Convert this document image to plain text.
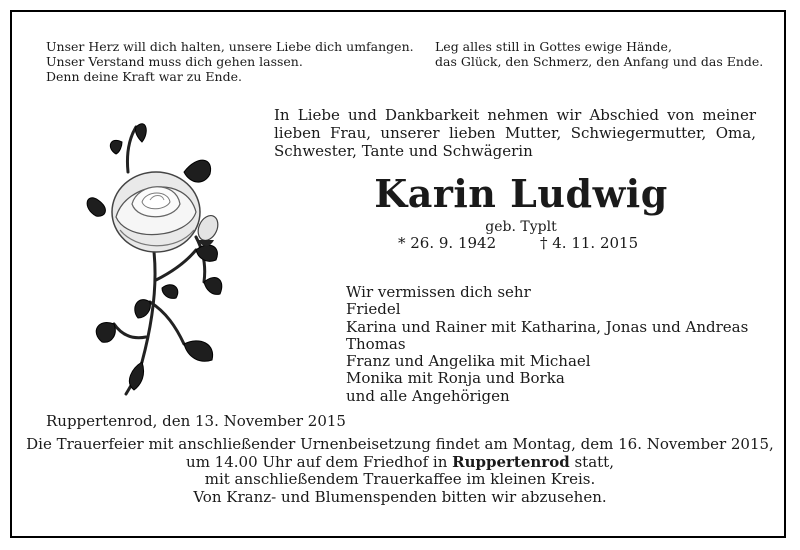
Unser Herz will dich halten, unsere Liebe dich umfangen.
Unser Verstand muss dich gehen lassen.
Denn deine Kraft war zu Ende.
Leg alles still in Gottes ewige Hände,
das Glück, den Schmerz, den Anfang und das Ende.
In Liebe und Dankbarkeit nehmen wir Abschied von meiner lieben Frau, unserer lieben Mutter, Schwiegermutter, Oma, Schwester, Tante und Schwägerin
Karin Ludwig
geb. Typlt
* 26. 9. 1942	† 4. 11. 2015
Wir vermissen dich sehr
Friedel
Karina und Rainer mit Katharina, Jonas und Andreas
Thomas
Franz und Angelika mit Michael
Monika mit Ronja und Borka
und alle Angehörigen
Ruppertenrod, den 13. November 2015
Die Trauerfeier mit anschließender Urnenbeisetzung findet am Montag, dem 16. November 2015,
um 14.00 Uhr auf dem Friedhof in Ruppertenrod statt,
mit anschließendem Trauerkaffee im kleinen Kreis.
Von Kranz- und Blumenspenden bitten wir abzusehen.
